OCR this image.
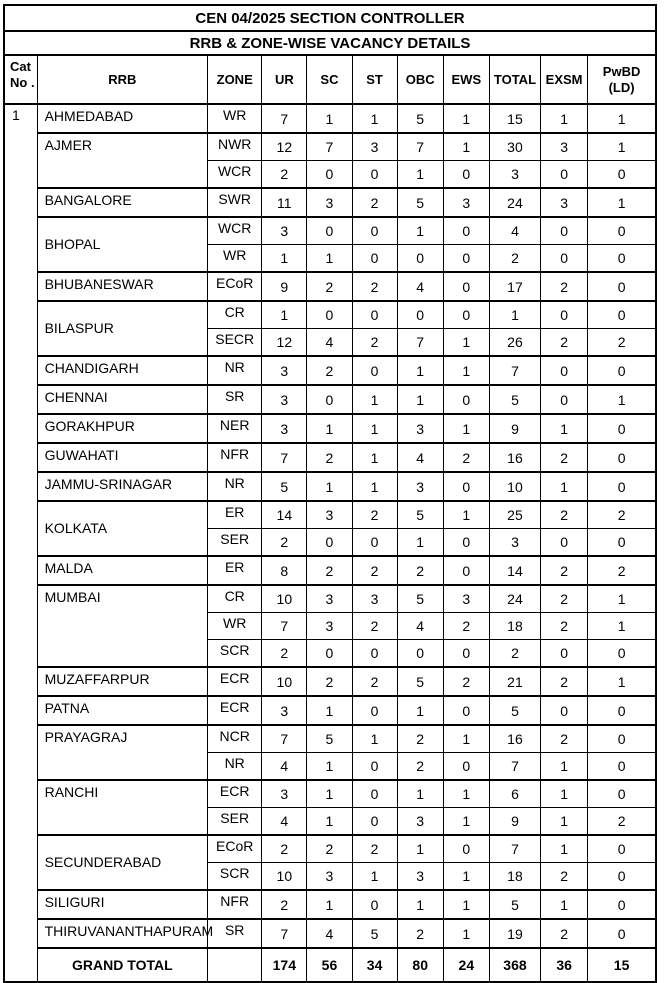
CEN 04/2025 SECTION CONTROLLER										
RRB & ZONE-WISE VACANCY DETAILS										
Cat No .	RRB	ZONE	UR	SC	ST	OBC	EWS	TOTAL	EXSM	PwBD (LD)
1	AHMEDABAD	WR	7	1	1	5	1	15	1	1
	AJMER	NWR	12	7	3	7	1	30	3	1
		WCR	2	0	0	1	0	3	0	0
	BANGALORE	SWR	11	3	2	5	3	24	3	1
	BHOPAL	WCR	3	0	0	1	0	4	0	0
		WR	1	1	0	0	0	2	0	0
	BHUBANESWAR	ECoR	9	2	2	4	0	17	2	0
	BILASPUR	CR	1	0	0	0	0	1	0	0
		SECR	12	4	2	7	1	26	2	2
	CHANDIGARH	NR	3	2	0	1	1	7	0	0
	CHENNAI	SR	3	0	1	1	0	5	0	1
	GORAKHPUR	NER	3	1	1	3	1	9	1	0
	GUWAHATI	NFR	7	2	1	4	2	16	2	0
	JAMMU-SRINAGAR	NR	5	1	1	3	0	10	1	0
	KOLKATA	ER	14	3	2	5	1	25	2	2
		SER	2	0	0	1	0	3	0	0
	MALDA	ER	8	2	2	2	0	14	2	2
	MUMBAI	CR	10	3	3	5	3	24	2	1
		WR	7	3	2	4	2	18	2	1
		SCR	2	0	0	0	0	2	0	0
	MUZAFFARPUR	ECR	10	2	2	5	2	21	2	1
	PATNA	ECR	3	1	0	1	0	5	0	0
	PRAYAGRAJ	NCR	7	5	1	2	1	16	2	0
		NR	4	1	0	2	0	7	1	0
	RANCHI	ECR	3	1	0	1	1	6	1	0
		SER	4	1	0	3	1	9	1	2
	SECUNDERABAD	ECoR	2	2	2	1	0	7	1	0
		SCR	10	3	1	3	1	18	2	0
	SILIGURI	NFR	2	1	0	1	1	5	1	0
	THIRUVANANTHAPURAM	SR	7	4	5	2	1	19	2	0
	GRAND TOTAL		174	56	34	80	24	368	36	15
